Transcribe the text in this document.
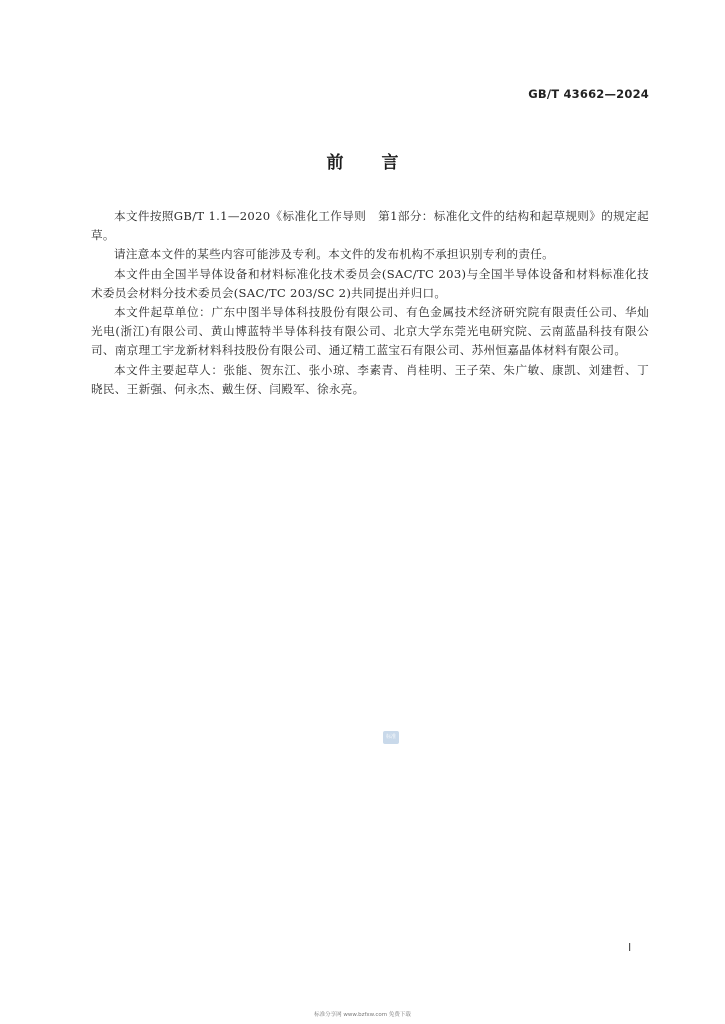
GB/T 43662—2024
前 言

本文件按照GB/T 1.1—2020《标准化工作导则　第1部分：标准化文件的结构和起草规则》的规定起草。

请注意本文件的某些内容可能涉及专利。本文件的发布机构不承担识别专利的责任。

本文件由全国半导体设备和材料标准化技术委员会(SAC/TC 203)与全国半导体设备和材料标准化技术委员会材料分技术委员会(SAC/TC 203/SC 2)共同提出并归口。

本文件起草单位：广东中图半导体科技股份有限公司、有色金属技术经济研究院有限责任公司、华灿光电(浙江)有限公司、黄山博蓝特半导体科技有限公司、北京大学东莞光电研究院、云南蓝晶科技有限公司、南京理工宇龙新材料科技股份有限公司、通辽精工蓝宝石有限公司、苏州恒嘉晶体材料有限公司。

本文件主要起草人：张能、贺东江、张小琼、李素青、肖桂明、王子荣、朱广敏、康凯、刘建哲、丁晓民、王新强、何永杰、戴生伢、闫殿军、徐永亮。

标准
I
标准分享网 www.bzfxw.com 免费下载
